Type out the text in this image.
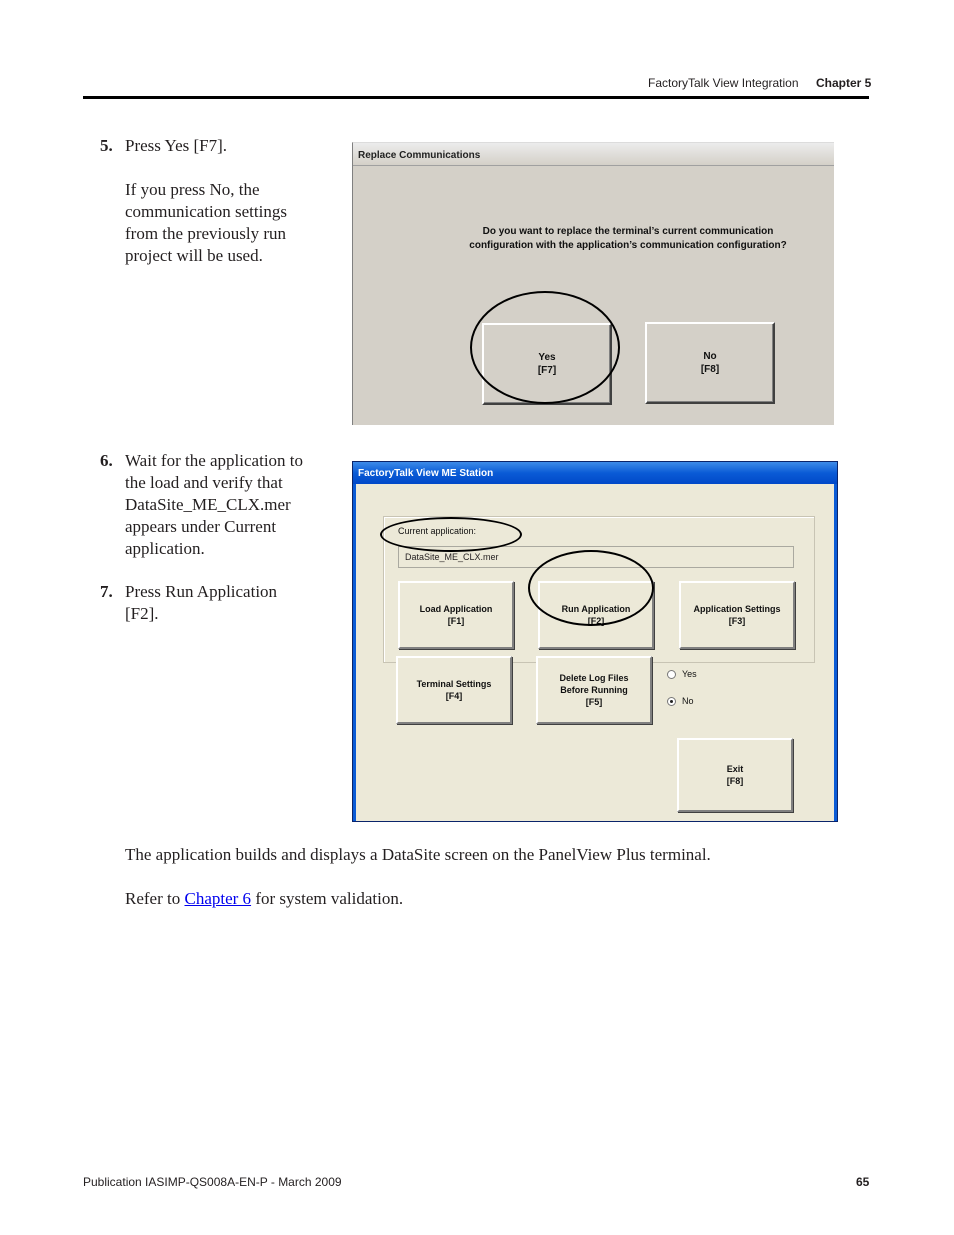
FactoryTalk View Integration Chapter 5
5. Press Yes [F7].
If you press No, the
communication settings
from the previously run
project will be used.
Replace Communications
Do you want to replace the terminal’s current communication
configuration with the application’s communication configuration?
Yes
[F7]
No
[F8]
6. Wait for the application to
the load and verify that
DataSite_ME_CLX.mer
appears under Current
application.
7. Press Run Application
[F2].
FactoryTalk View ME Station
Current application:
DataSite_ME_CLX.mer
Load Application
[F1]
Run Application
[F2]
Application Settings
[F3]
Terminal Settings
[F4]
Delete Log Files
Before Running
[F5]
Yes
No
Exit
[F8]
The application builds and displays a DataSite screen on the PanelView Plus terminal.
Refer to Chapter 6 for system validation.
Publication IASIMP-QS008A-EN-P - March 2009	65
